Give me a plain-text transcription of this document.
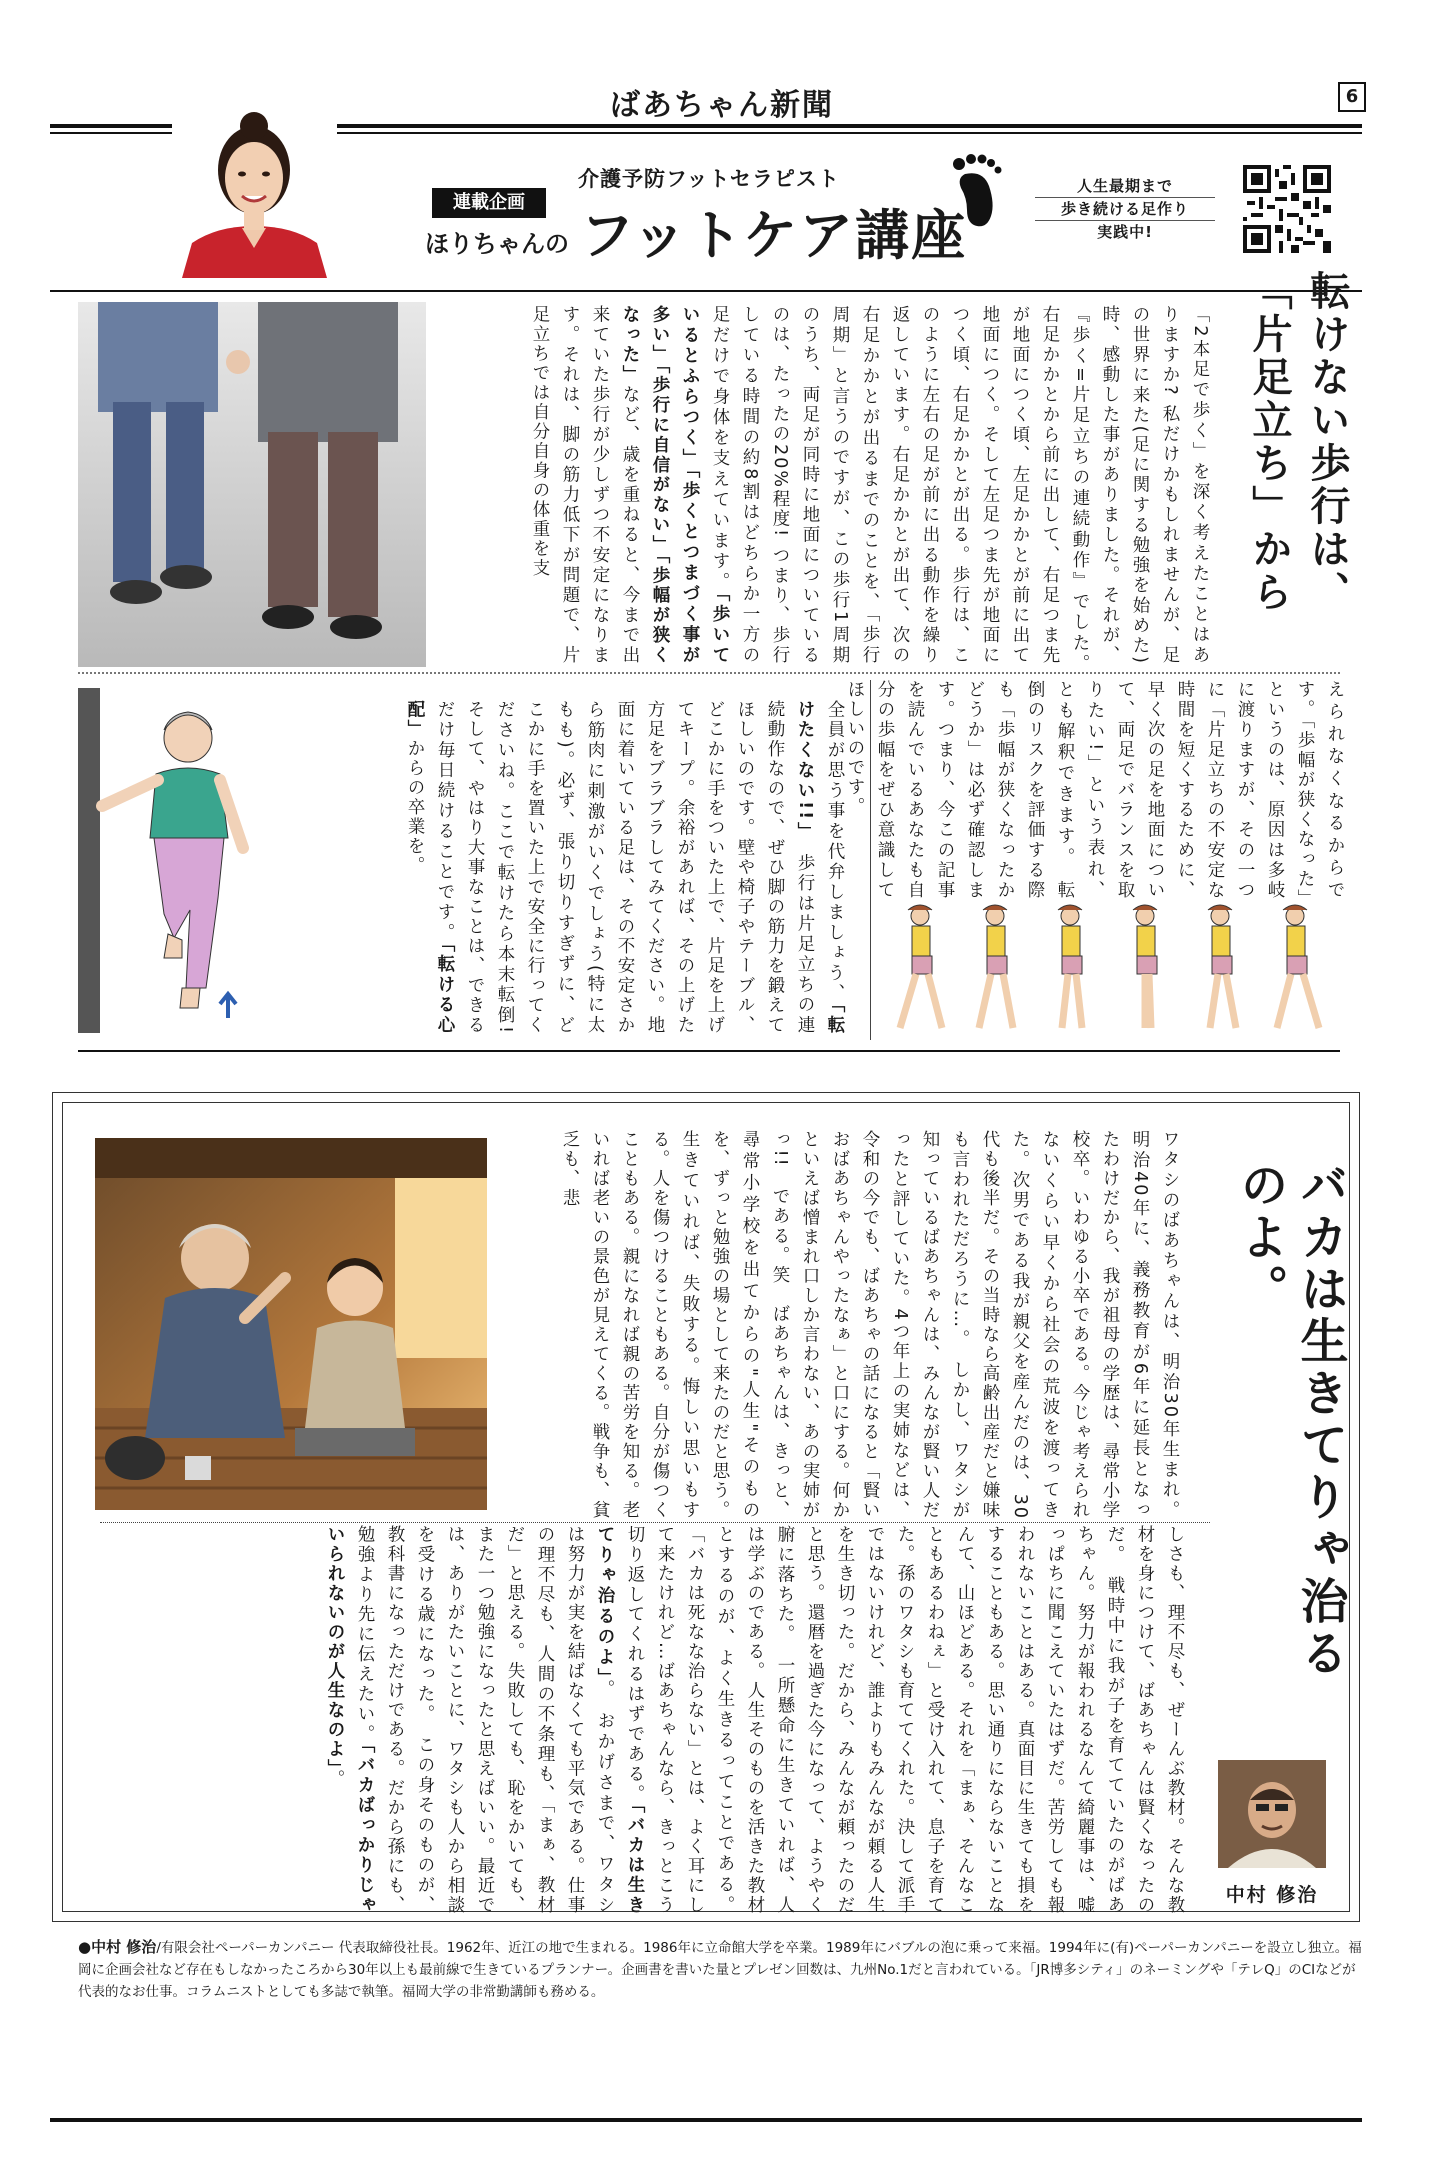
ばあちゃん新聞	6
連載企画
ほりちゃんの
介護予防フットセラピスト
フットケア講座
人生最期まで
歩き続ける足作り
実践中!
転けない歩行は、
「片足立ち」から
「2本足で歩く」を深く考えたことはありますか? 私だけかもしれませんが、足の世界に来た(足に関する勉強を始めた)時、感動した事がありました。それが、『歩く=片足立ちの連続動作』でした。　右足かかとから前に出して、右足つま先が地面につく頃、左足かかとが前に出て地面につく。そして左足つま先が地面につく頃、右足かかとが出る。歩行は、このように左右の足が前に出る動作を繰り返しています。右足かかとが出て、次の右足かかとが出るまでのことを、「歩行周期」と言うのですが、この歩行1周期のうち、両足が同時に地面についているのは、たったの20%程度! つまり、歩行している時間の約8割はどちらか一方の足だけで身体を支えています。「歩いているとふらつく」「歩くとつまづく事が多い」「歩行に自信がない」「歩幅が狭くなった」など、歳を重ねると、今まで出来ていた歩行が少しずつ不安定になります。それは、脚の筋力低下が問題で、片足立ちでは自分自身の体重を支
えられなくなるからです。「歩幅が狭くなった」というのは、原因は多岐に渡りますが、その一つに「片足立ちの不安定な時間を短くするために、早く次の足を地面について、両足でバランスを取りたい!」という表れ、とも解釈できます。　転倒のリスクを評価する際も「歩幅が狭くなったかどうか」は必ず確認します。つまり、今この記事を読んでいるあなたも自分の歩幅をぜひ意識してほしいのです。
全員が思う事を代弁しましょう、「転けたくない!!」　歩行は片足立ちの連続動作なので、ぜひ脚の筋力を鍛えてほしいのです。壁や椅子やテーブル、どこかに手をついた上で、片足を上げてキープ。余裕があれば、その上げた方足をブラブラしてみてください。地面に着いている足は、その不安定さから筋肉に刺激がいくでしょう(特に太もも)。必ず、張り切りすぎずに、どこかに手を置いた上で安全に行ってくださいね。ここで転けたら本末転倒! そして、やはり大事なことは、できるだけ毎日続けることです。「転ける心配」からの卒業を。
バカは生きてりゃ治るのよ。
ワタシのばあちゃんは、明治30年生まれ。明治40年に、義務教育が6年に延長となったわけだから、我が祖母の学歴は、尋常小学校卒。いわゆる小卒である。今じゃ考えられないくらい早くから社会の荒波を渡ってきた。次男である我が親父を産んだのは、30代も後半だ。その当時なら高齢出産だと嫌味も言われただろうに…。　しかし、ワタシが知っているばあちゃんは、みんなが賢い人だったと評していた。4つ年上の実姉などは、令和の今でも、ばあちゃの話になると「賢いおばあちゃんやったなぁ」と口にする。何かといえば憎まれ口しか言わない、あの実姉がっ!!　である。笑　ばあちゃんは、きっと、尋常小学校を出てからの"人生"そのものを、ずっと勉強の場として来たのだと思う。生きていれば、失敗する。悔しい思いもする。人を傷つけることもある。自分が傷つくこともある。親になれば親の苦労を知る。老いれば老いの景色が見えてくる。戦争も、貧乏も、悲
しさも、理不尽も、ぜーんぶ教材。そんな教材を身につけて、ばあちゃんは賢くなったのだ。　戦時中に我が子を育てていたのがばあちゃん。努力が報われるなんて綺麗事は、嘘っぱちに聞こえていたはずだ。苦労しても報われないことはある。真面目に生きても損をすることもある。思い通りにならないことなんて、山ほどある。それを「まぁ、そんなこともあるわねぇ」と受け入れて、息子を育てた。孫のワタシも育ててくれた。決して派手ではないけれど、誰よりもみんなが頼る人生を生き切った。だから、みんなが頼ったのだと思う。還暦を過ぎた今になって、ようやく腑に落ちた。　一所懸命に生きていれば、人は学ぶのである。人生そのものを活きた教材とするのが、よく生きるってことである。「バカは死なな治らない」とは、よく耳にして来たけれど…ばあちゃんなら、きっとこう切り返してくれるはずである。「バカは生きてりゃ治るのよ」。　おかげさまで、ワタシは努力が実を結ばなくても平気である。仕事の理不尽も、人間の不条理も、「まぁ、教材だ」と思える。失敗しても、恥をかいても、また一つ勉強になったと思えばいい。最近では、ありがたいことに、ワタシも人から相談を受ける歳になった。　この身そのものが、教科書になっただけである。だから孫にも、勉強より先に伝えたい。「バカばっかりじゃいられないのが人生なのよ」。
中村 修治
●中村 修治/有限会社ペーパーカンパニー 代表取締役社長。1962年、近江の地で生まれる。1986年に立命館大学を卒業。1989年にバブルの泡に乗って来福。1994年に(有)ペーパーカンパニーを設立し独立。福岡に企画会社など存在もしなかったころから30年以上も最前線で生きているプランナー。企画書を書いた量とプレゼン回数は、九州No.1だと言われている。「JR博多シティ」のネーミングや「テレQ」のCIなどが代表的なお仕事。コラムニストとしても多誌で執筆。福岡大学の非常勤講師も務める。
